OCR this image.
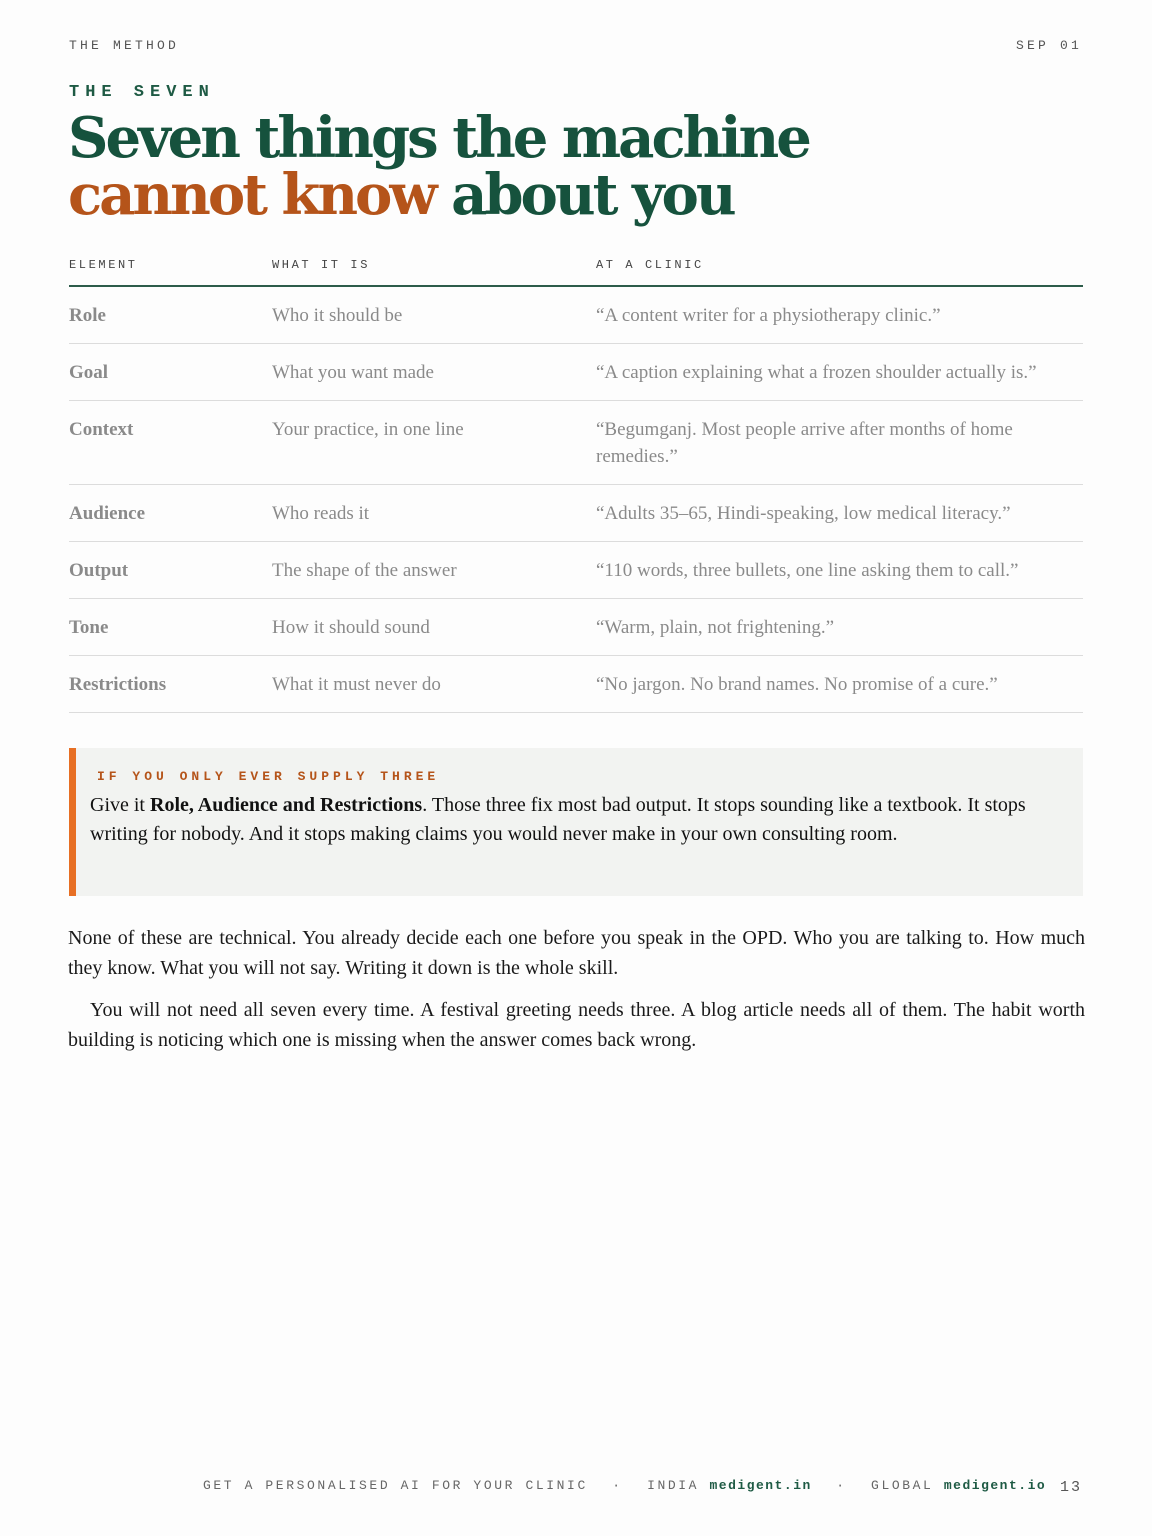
THE METHOD	SEP 01
THE SEVEN
Seven things the machine
cannot know about you
ELEMENT	WHAT IT IS	AT A CLINIC
Role	Who it should be	“A content writer for a physiotherapy clinic.”
Goal	What you want made	“A caption explaining what a frozen shoulder actually is.”
Context	Your practice, in one line	“Begumganj. Most people arrive after months of home remedies.”
Audience	Who reads it	“Adults 35–65, Hindi-speaking, low medical literacy.”
Output	The shape of the answer	“110 words, three bullets, one line asking them to call.”
Tone	How it should sound	“Warm, plain, not frightening.”
Restrictions	What it must never do	“No jargon. No brand names. No promise of a cure.”
IF YOU ONLY EVER SUPPLY THREE
Give it Role, Audience and Restrictions. Those three fix most bad output. It stops sounding like a textbook. It stops writing for nobody. And it stops making claims you would never make in your own consulting room.

None of these are technical. You already decide each one before you speak in the OPD. Who you are talking to. How much they know. What you will not say. Writing it down is the whole skill.

You will not need all seven every time. A festival greeting needs three. A blog article needs all of them. The habit worth building is noticing which one is missing when the answer comes back wrong.

GET A PERSONALISED AI FOR YOUR CLINIC · INDIA medigent.in · GLOBAL medigent.io 13
